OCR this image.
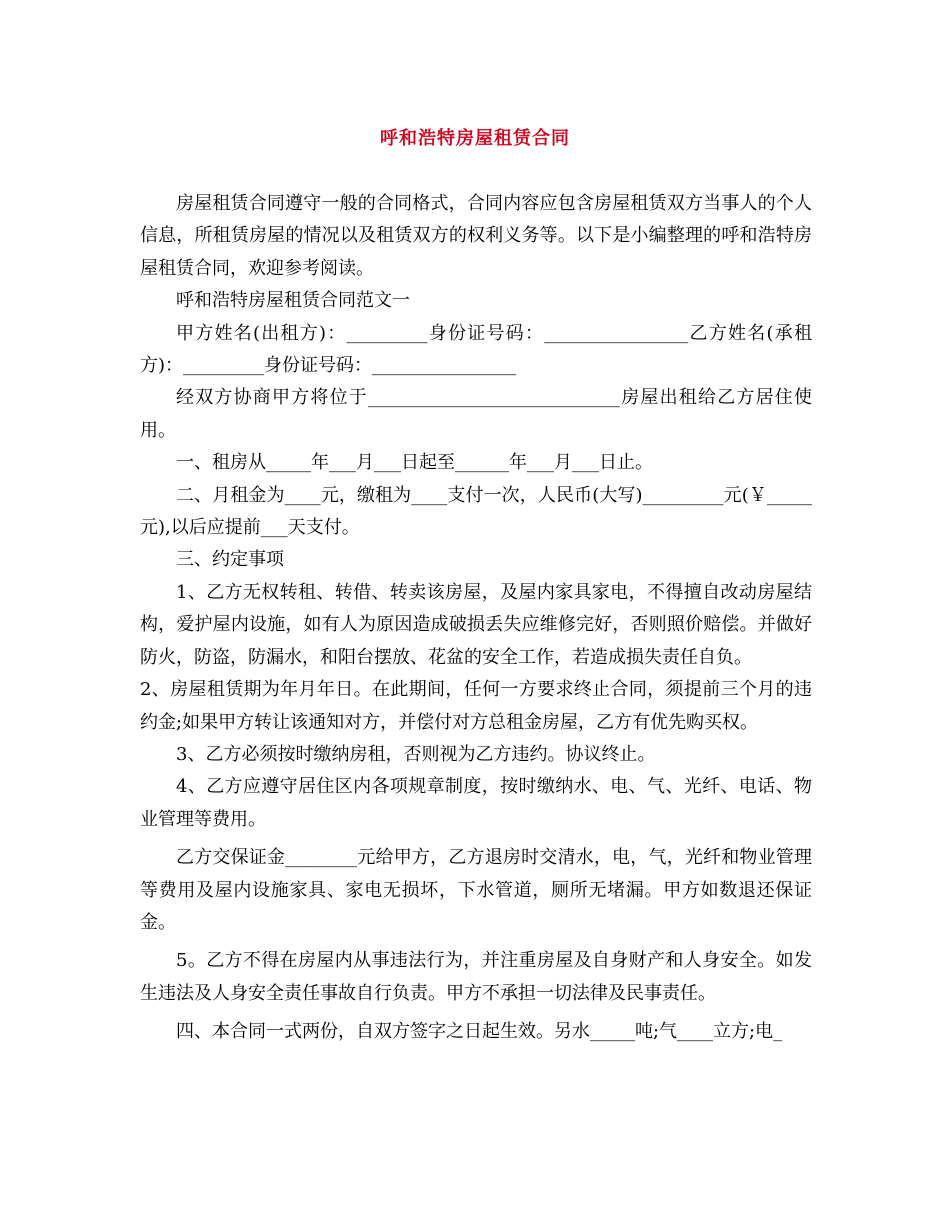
呼和浩特房屋租赁合同

房屋租赁合同遵守一般的合同格式，合同内容应包含房屋租赁双方当事人的个人信息，所租赁房屋的情况以及租赁双方的权利义务等。以下是小编整理的呼和浩特房屋租赁合同，欢迎参考阅读。

呼和浩特房屋租赁合同范文一

甲方姓名(出租方)：_________身份证号码：________________乙方姓名(承租方)：_________身份证号码：________________

经双方协商甲方将位于____________________________房屋出租给乙方居住使用。

一、租房从_____年___月___日起至______年___月___日止。

二、月租金为____元，缴租为____支付一次，人民币(大写)_________元(￥_____元),以后应提前___天支付。

三、约定事项

1、乙方无权转租、转借、转卖该房屋，及屋内家具家电，不得擅自改动房屋结构，爱护屋内设施，如有人为原因造成破损丢失应维修完好，否则照价赔偿。并做好防火，防盗，防漏水，和阳台摆放、花盆的安全工作，若造成损失责任自负。

2、房屋租赁期为年月年日。在此期间，任何一方要求终止合同，须提前三个月的违约金;如果甲方转让该通知对方，并偿付对方总租金房屋，乙方有优先购买权。

3、乙方必须按时缴纳房租，否则视为乙方违约。协议终止。

4、乙方应遵守居住区内各项规章制度，按时缴纳水、电、气、光纤、电话、物业管理等费用。

乙方交保证金________元给甲方，乙方退房时交清水，电，气，光纤和物业管理等费用及屋内设施家具、家电无损坏，下水管道，厕所无堵漏。甲方如数退还保证金。

5。乙方不得在房屋内从事违法行为，并注重房屋及自身财产和人身安全。如发生违法及人身安全责任事故自行负责。甲方不承担一切法律及民事责任。

四、本合同一式两份，自双方签字之日起生效。另水_____吨;气____立方;电_
